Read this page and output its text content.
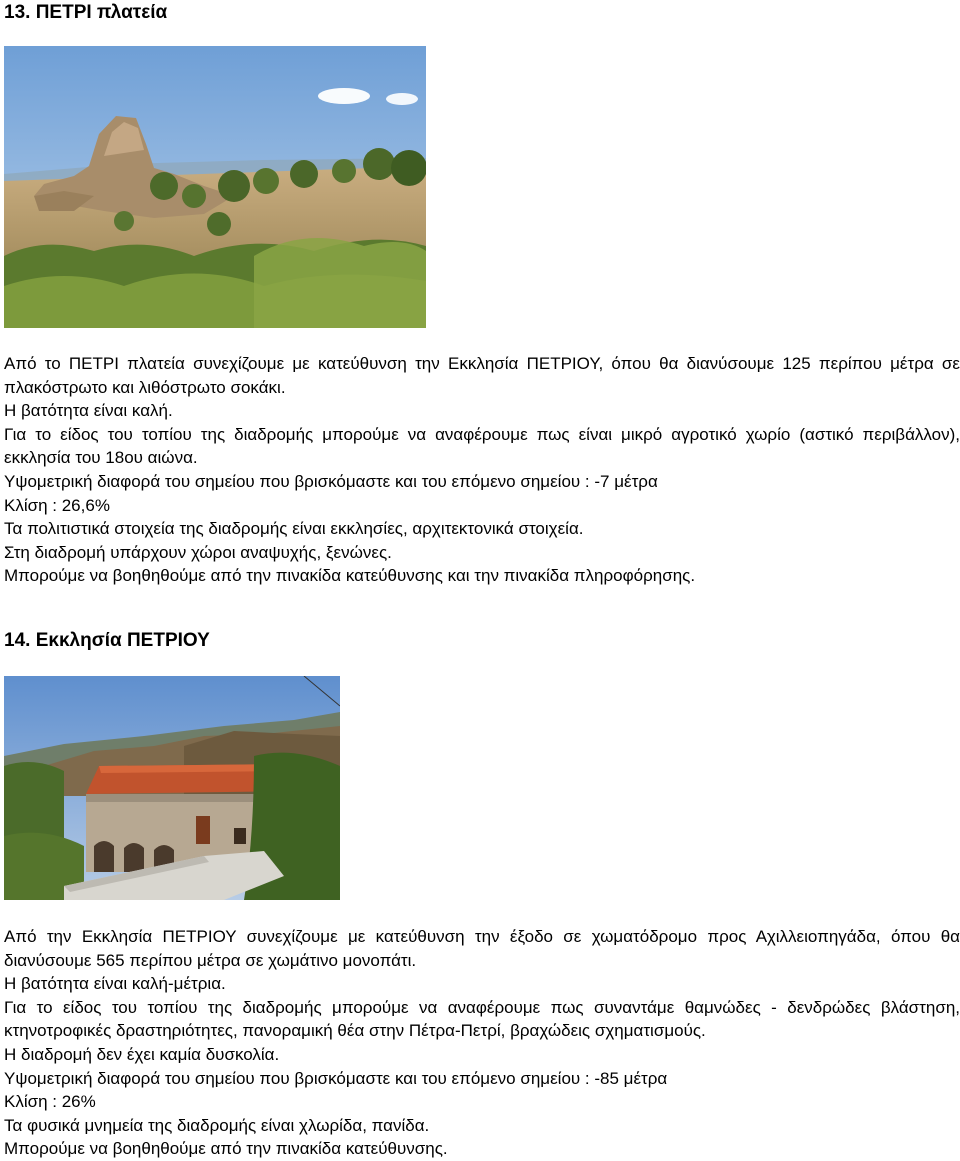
13. ΠΕΤΡΙ πλατεία

Από το ΠΕΤΡΙ πλατεία συνεχίζουμε με κατεύθυνση την Εκκλησία ΠΕΤΡΙΟΥ, όπου θα διανύσουμε 125 περίπου μέτρα σε πλακόστρωτο και λιθόστρωτο σοκάκι.

Η βατότητα είναι καλή.

Για το είδος του τοπίου της διαδρομής μπορούμε να αναφέρουμε πως είναι μικρό αγροτικό χωρίο (αστικό περιβάλλον), εκκλησία του 18ου αιώνα.

Υψομετρική διαφορά του σημείου που βρισκόμαστε και του επόμενο σημείου : -7 μέτρα

Κλίση : 26,6%

Τα πολιτιστικά στοιχεία της διαδρομής είναι εκκλησίες, αρχιτεκτονικά στοιχεία.

Στη διαδρομή υπάρχουν χώροι αναψυχής, ξενώνες.

Μπορούμε να βοηθηθούμε από την πινακίδα κατεύθυνσης και την πινακίδα πληροφόρησης.

14. Εκκλησία ΠΕΤΡΙΟΥ

Από την Εκκλησία ΠΕΤΡΙΟΥ συνεχίζουμε με κατεύθυνση την έξοδο σε χωματόδρομο προς Αχιλλειοπηγάδα, όπου θα διανύσουμε 565 περίπου μέτρα σε χωμάτινο μονοπάτι.

Η βατότητα είναι καλή-μέτρια.

Για το είδος του τοπίου της διαδρομής μπορούμε να αναφέρουμε πως συναντάμε θαμνώδες - δενδρώδες βλάστηση, κτηνοτροφικές δραστηριότητες, πανοραμική θέα στην Πέτρα-Πετρί, βραχώδεις σχηματισμούς.

Η διαδρομή δεν έχει καμία δυσκολία.

Υψομετρική διαφορά του σημείου που βρισκόμαστε και του επόμενο σημείου : -85 μέτρα

Κλίση : 26%

Τα φυσικά μνημεία της διαδρομής είναι χλωρίδα, πανίδα.

Μπορούμε να βοηθηθούμε από την πινακίδα κατεύθυνσης.
